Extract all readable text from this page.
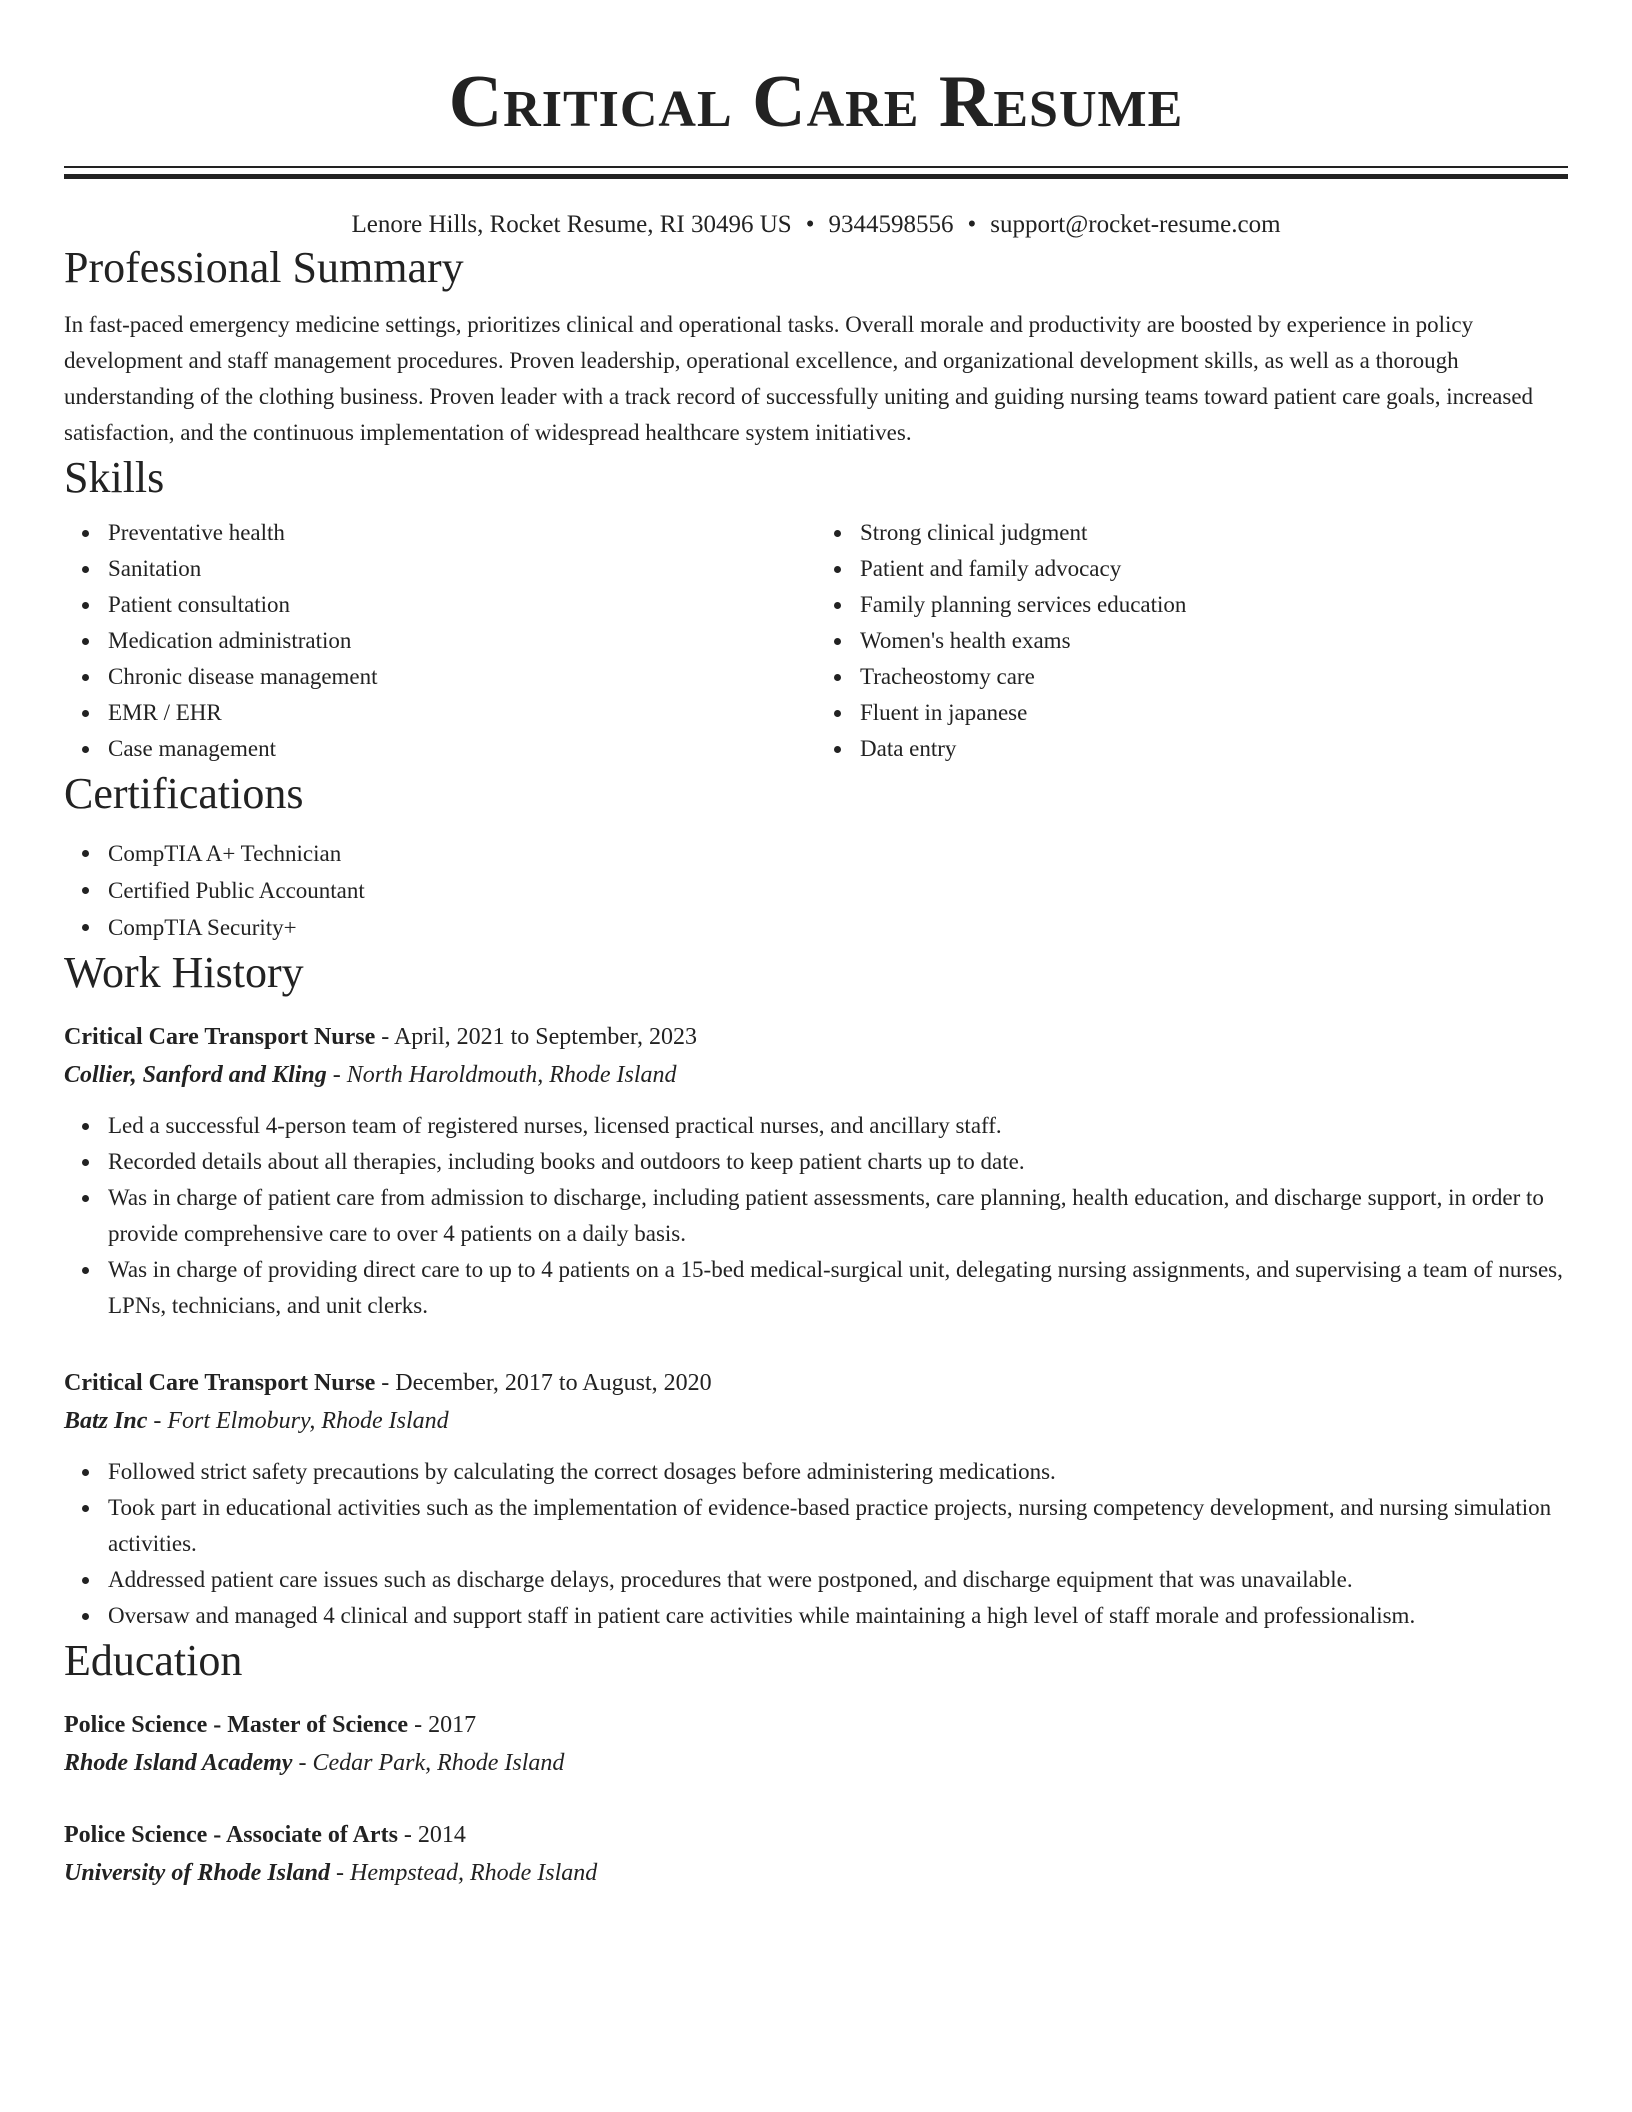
Critical Care Resume
Lenore Hills, Rocket Resume, RI 30496 US • 9344598556 • support@rocket-resume.com
Professional Summary

In fast-paced emergency medicine settings, prioritizes clinical and operational tasks. Overall morale and productivity are boosted by experience in policy development and staff management procedures. Proven leadership, operational excellence, and organizational development skills, as well as a thorough understanding of the clothing business. Proven leader with a track record of successfully uniting and guiding nursing teams toward patient care goals, increased satisfaction, and the continuous implementation of widespread healthcare system initiatives.

Skills
Preventative health
Sanitation
Patient consultation
Medication administration
Chronic disease management
EMR / EHR
Case management
Strong clinical judgment
Patient and family advocacy
Family planning services education
Women's health exams
Tracheostomy care
Fluent in japanese
Data entry
Certifications
CompTIA A+ Technician
Certified Public Accountant
CompTIA Security+
Work History
Critical Care Transport Nurse - April, 2021 to September, 2023
Collier, Sanford and Kling - North Haroldmouth, Rhode Island
Led a successful 4-person team of registered nurses, licensed practical nurses, and ancillary staff.
Recorded details about all therapies, including books and outdoors to keep patient charts up to date.
Was in charge of patient care from admission to discharge, including patient assessments, care planning, health education, and discharge support, in order to provide comprehensive care to over 4 patients on a daily basis.
Was in charge of providing direct care to up to 4 patients on a 15-bed medical-surgical unit, delegating nursing assignments, and supervising a team of nurses, LPNs, technicians, and unit clerks.
Critical Care Transport Nurse - December, 2017 to August, 2020
Batz Inc - Fort Elmobury, Rhode Island
Followed strict safety precautions by calculating the correct dosages before administering medications.
Took part in educational activities such as the implementation of evidence-based practice projects, nursing competency development, and nursing simulation activities.
Addressed patient care issues such as discharge delays, procedures that were postponed, and discharge equipment that was unavailable.
Oversaw and managed 4 clinical and support staff in patient care activities while maintaining a high level of staff morale and professionalism.
Education
Police Science - Master of Science - 2017
Rhode Island Academy - Cedar Park, Rhode Island
Police Science - Associate of Arts - 2014
University of Rhode Island - Hempstead, Rhode Island
